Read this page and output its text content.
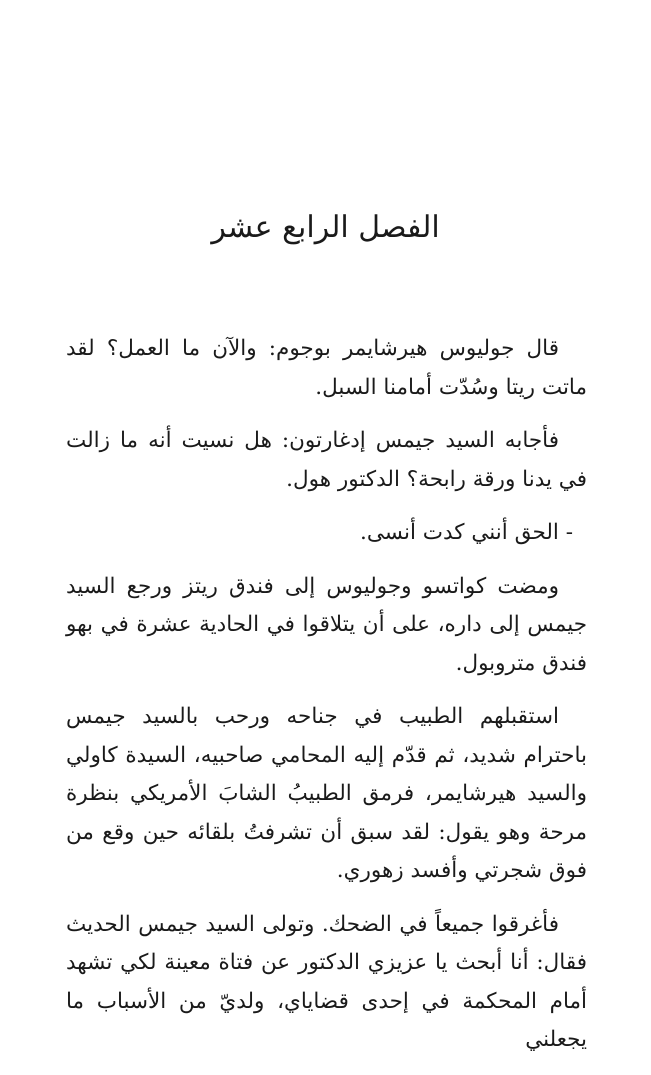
الفصل الرابع عشر

قال جوليوس هيرشايمر بوجوم: والآن ما العمل؟ لقد ماتت ريتا وسُدّت أمامنا السبل.

فأجابه السيد جيمس إدغارتون: هل نسيت أنه ما زالت في يدنا ورقة رابحة؟ الدكتور هول.

- الحق أنني كدت أنسى.

ومضت كواتسو وجوليوس إلى فندق ريتز ورجع السيد جيمس إلى داره، على أن يتلاقوا في الحادية عشرة في بهو فندق متروبول.

استقبلهم الطبيب في جناحه ورحب بالسيد جيمس باحترام شديد، ثم قدّم إليه المحامي صاحبيه، السيدة كاولي والسيد هيرشايمر، فرمق الطبيبُ الشابَ الأمريكي بنظرة مرحة وهو يقول: لقد سبق أن تشرفتُ بلقائه حين وقع من فوق شجرتي وأفسد زهوري.

فأغرقوا جميعاً في الضحك. وتولى السيد جيمس الحديث فقال: أنا أبحث يا عزيزي الدكتور عن فتاة معينة لكي تشهد أمام المحكمة في إحدى قضاياي، ولديّ من الأسباب ما يجعلني
